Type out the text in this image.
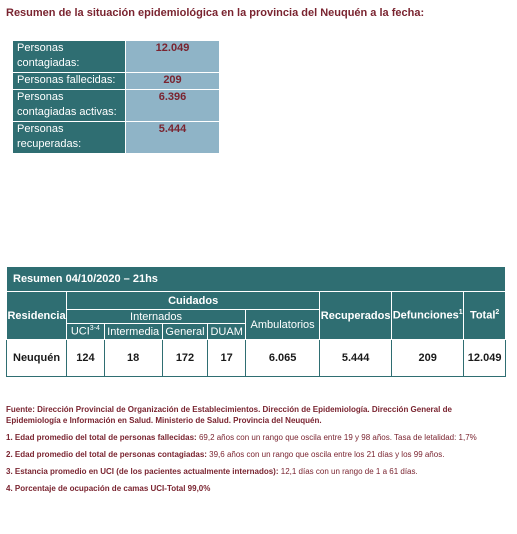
Resumen de la situación epidemiológica en la provincia del Neuquén a la fecha:
Personas contagiadas:	12.049
Personas fallecidas:	209
Personas contagiadas activas:	6.396
Personas recuperadas:	5.444
Resumen 04/10/2020 – 21hs								
Residencia	Cuidados					Recuperados	Defunciones$^1$	Total$^2$
	Internados				Ambulatorios			
	UCI$^{3-4}$	Intermedia	General	DUAM				
Neuquén	124	18	172	17	6.065	5.444	209	12.049

Fuente: Dirección Provincial de Organización de Establecimientos. Dirección de Epidemiología. Dirección General de Epidemiología e Información en Salud. Ministerio de Salud. Provincia del Neuquén.

1. Edad promedio del total de personas fallecidas: 69,2 años con un rango que oscila entre 19 y 98 años. Tasa de letalidad: 1,7%

2. Edad promedio del total de personas contagiadas: 39,6 años con un rango que oscila entre los 21 días y los 99 años.

3. Estancia promedio en UCI (de los pacientes actualmente internados): 12,1 días con un rango de 1 a 61 días.

4. Porcentaje de ocupación de camas UCI-Total 99,0%
